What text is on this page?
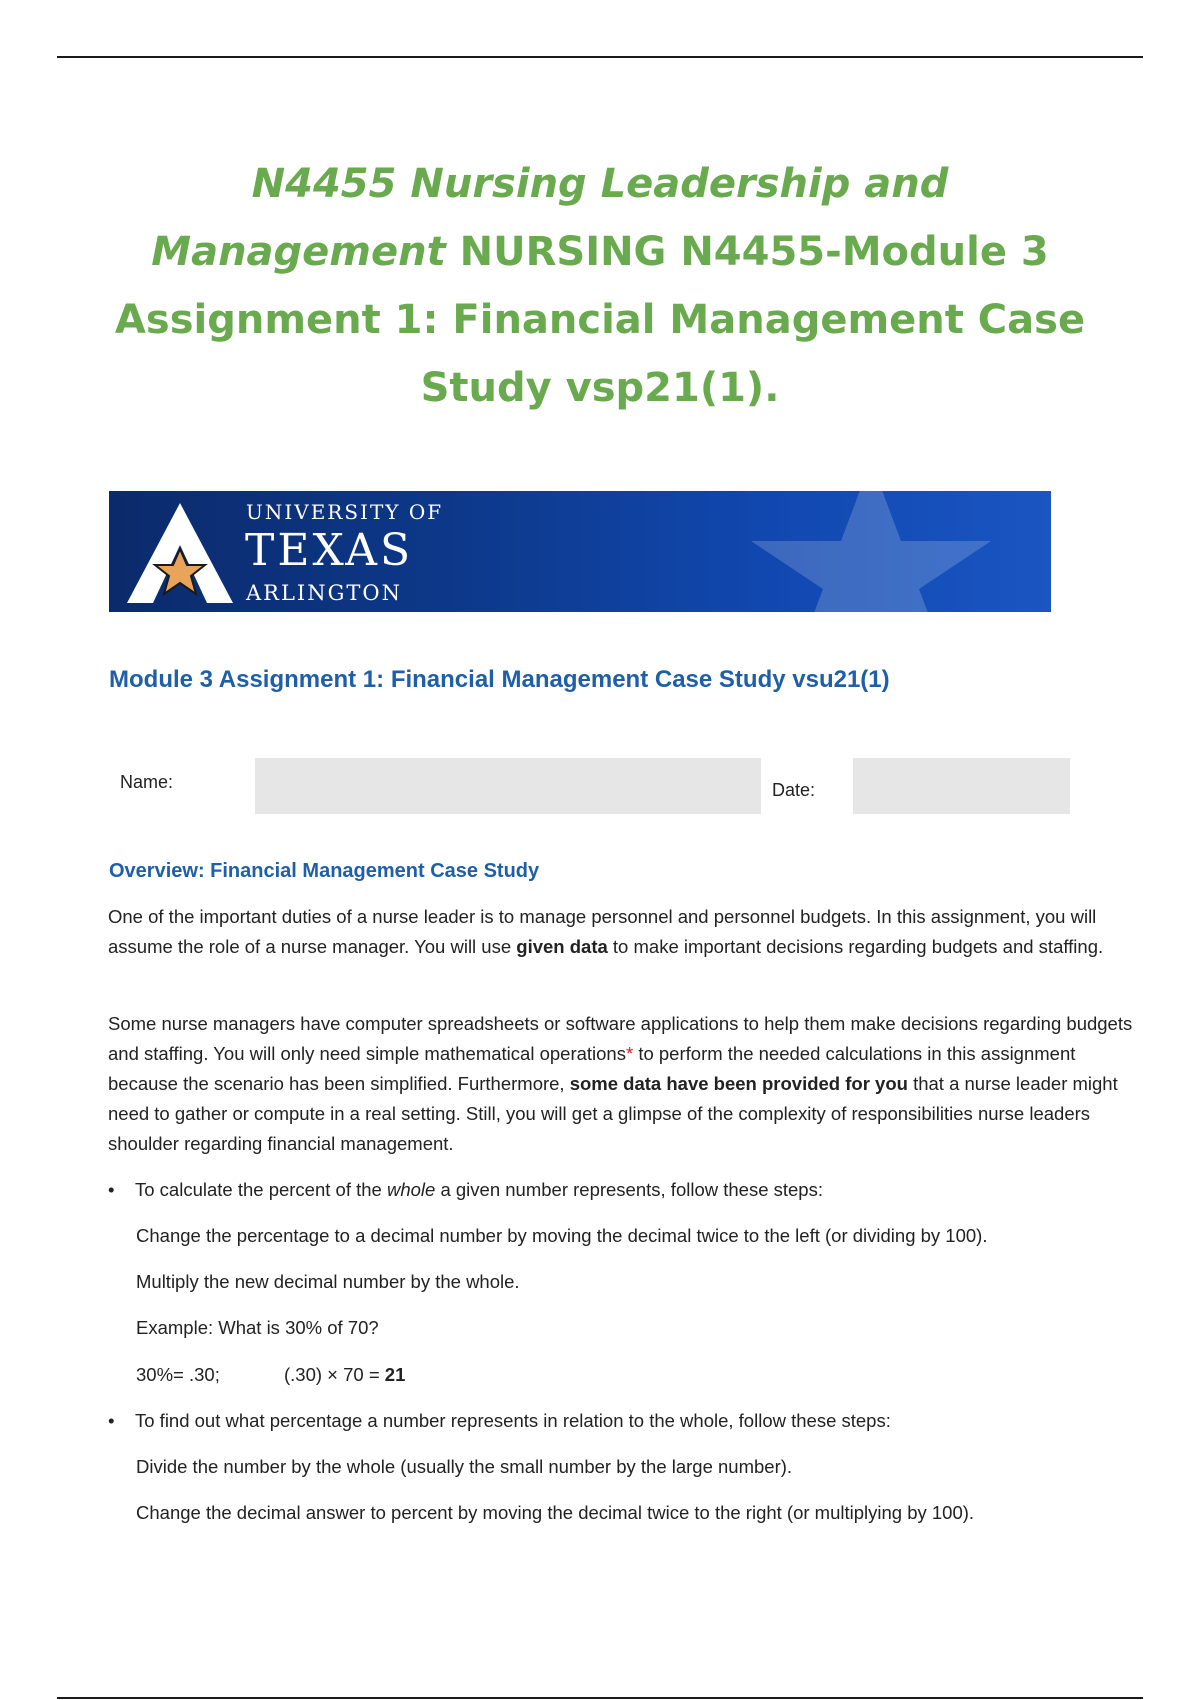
N4455 Nursing Leadership and Management NURSING N4455-Module 3 Assignment 1: Financial Management Case Study vsp21(1).
UNIVERSITY OF
TEXAS
ARLINGTON
Module 3 Assignment 1: Financial Management Case Study vsu21(1)
Name:	Date:
Overview: Financial Management Case Study

One of the important duties of a nurse leader is to manage personnel and personnel budgets. In this assignment, you will assume the role of a nurse manager. You will use given data to make important decisions regarding budgets and staffing.

Some nurse managers have computer spreadsheets or software applications to help them make decisions regarding budgets and staffing. You will only need simple mathematical operations* to perform the needed calculations in this assignment because the scenario has been simplified. Furthermore, some data have been provided for you that a nurse leader might need to gather or compute in a real setting. Still, you will get a glimpse of the complexity of responsibilities nurse leaders shoulder regarding financial management.

• To calculate the percent of the whole a given number represents, follow these steps:
Change the percentage to a decimal number by moving the decimal twice to the left (or dividing by 100).
Multiply the new decimal number by the whole.
Example: What is 30% of 70?
30%= .30;	(.30) × 70 = 21
• To find out what percentage a number represents in relation to the whole, follow these steps:
Divide the number by the whole (usually the small number by the large number).
Change the decimal answer to percent by moving the decimal twice to the right (or multiplying by 100).
